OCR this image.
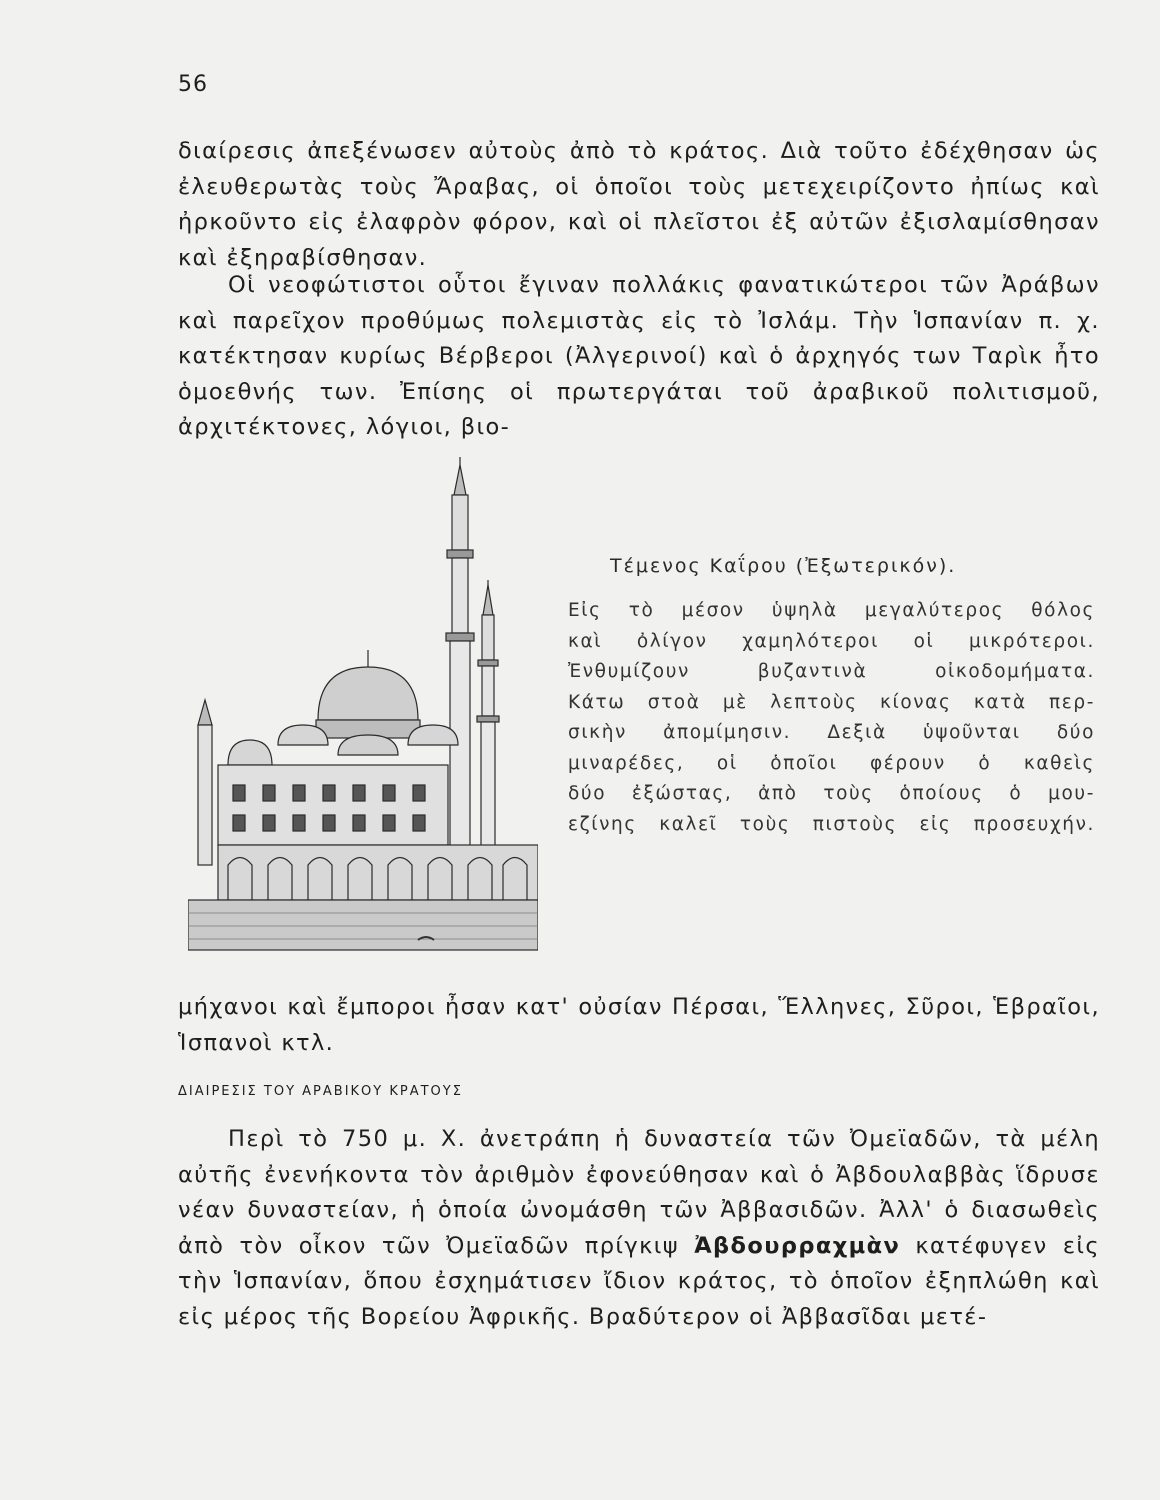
56

διαίρεσις ἀπεξένωσεν αὐτοὺς ἀπὸ τὸ κράτος. Διὰ τοῦτο ἐδέχθησαν ὡς ἐλευθερωτὰς τοὺς Ἄραβας, οἱ ὁποῖοι τοὺς μετεχειρίζοντο ἠπίως καὶ ἠρκοῦντο εἰς ἐλαφρὸν φόρον, καὶ οἱ πλεῖστοι ἐξ αὐτῶν ἐξισλαμίσθησαν καὶ ἐξηραβίσθησαν.

Οἱ νεοφώτιστοι οὗτοι ἔγιναν πολλάκις φανατικώτεροι τῶν Ἀράβων καὶ παρεῖχον προθύμως πολεμιστὰς εἰς τὸ Ἰσλάμ. Τὴν Ἱσπανίαν π. χ. κατέκτησαν κυρίως Βέρβεροι (Ἀλγερινοί) καὶ ὁ ἀρχηγός των Ταρὶκ ἦτο ὁμοεθνής των. Ἐπίσης οἱ πρωτεργάται τοῦ ἀραβικοῦ πολιτισμοῦ, ἀρχιτέκτονες, λόγιοι, βιο-

Τέμενος Καΐρου (Ἐξωτερικόν).
Εἰς τὸ μέσον ὑψηλὰ μεγαλύτερος θόλος
καὶ ὀλίγον χαμηλότεροι οἱ μικρότεροι.
Ἐνθυμίζουν βυζαντινὰ οἰκοδομήματα.
Κάτω στοὰ μὲ λεπτοὺς κίονας κατὰ περ-
σικὴν ἀπομίμησιν. Δεξιὰ ὑψοῦνται δύο
μιναρέδες, οἱ ὁποῖοι φέρουν ὁ καθεὶς
δύο ἐξώστας, ἀπὸ τοὺς ὁποίους ὁ μου-
εζίνης καλεῖ τοὺς πιστοὺς εἰς προσευχήν.

μήχανοι καὶ ἔμποροι ἦσαν κατ' οὐσίαν Πέρσαι, Ἕλληνες, Σῦροι, Ἑβραῖοι, Ἱσπανοὶ κτλ.

ΔΙΑΙΡΕΣΙΣ ΤΟΥ ΑΡΑΒΙΚΟΥ ΚΡΑΤΟΥΣ

Περὶ τὸ 750 μ. Χ. ἀνετράπη ἡ δυναστεία τῶν Ὀμεϊαδῶν, τὰ μέλη αὐτῆς ἐνενήκοντα τὸν ἀριθμὸν ἐφονεύθησαν καὶ ὁ Ἀβδουλαββὰς ἵδρυσε νέαν δυναστείαν, ἡ ὁποία ὠνομάσθη τῶν Ἀββασιδῶν. Ἀλλ' ὁ διασωθεὶς ἀπὸ τὸν οἶκον τῶν Ὀμεϊαδῶν πρίγκιψ Ἀβδουρραχμὰν κατέφυγεν εἰς τὴν Ἱσπανίαν, ὅπου ἐσχημάτισεν ἴδιον κράτος, τὸ ὁποῖον ἐξηπλώθη καὶ εἰς μέρος τῆς Βορείου Ἀφρικῆς. Βραδύτερον οἱ Ἀββασῖδαι μετέ-
